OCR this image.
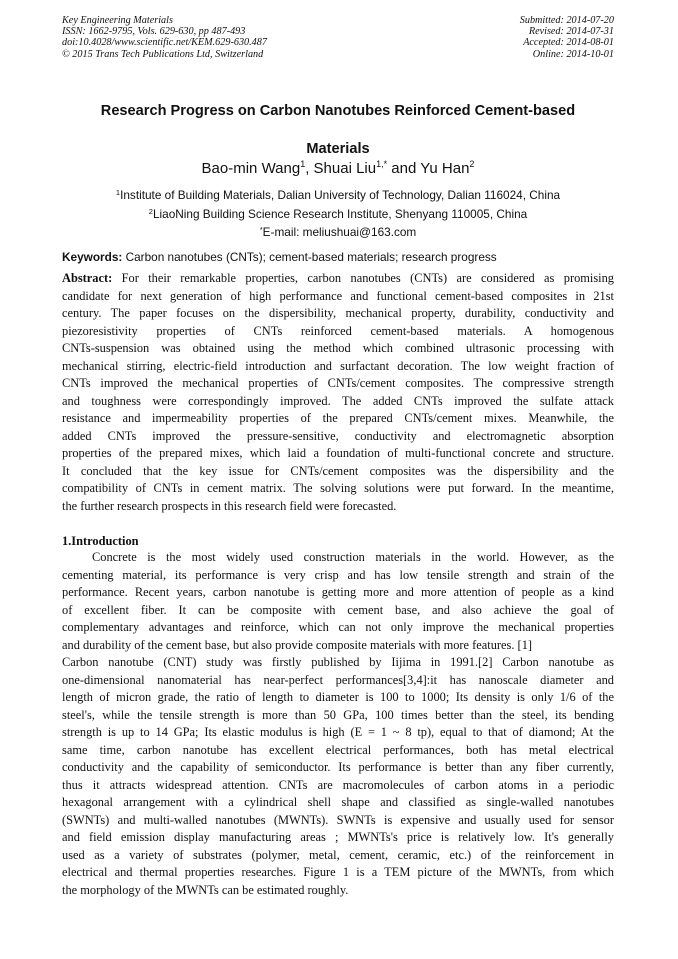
Key Engineering Materials
ISSN: 1662-9795, Vols. 629-630, pp 487-493
doi:10.4028/www.scientific.net/KEM.629-630.487
© 2015 Trans Tech Publications Ltd, Switzerland
Submitted: 2014-07-20
Revised: 2014-07-31
Accepted: 2014-08-01
Online: 2014-10-01
Research Progress on Carbon Nanotubes Reinforced Cement-based
Materials
Bao-min Wang$^1$, Shuai Liu$^{1,*}$ and Yu Han$^2$
$^1$Institute of Building Materials, Dalian University of Technology, Dalian 116024, China
$^2$LiaoNing Building Science Research Institute, Shenyang 110005, China
*E-mail: meliushuai@163.com
Keywords: Carbon nanotubes (CNTs); cement-based materials; research progress
Abstract: For their remarkable properties, carbon nanotubes (CNTs) are considered as promising
candidate for next generation of high performance and functional cement-based composites in 21st
century. The paper focuses on the dispersibility, mechanical property, durability, conductivity and
piezoresistivity properties of CNTs reinforced cement-based materials. A homogenous
CNTs-suspension was obtained using the method which combined ultrasonic processing with
mechanical stirring, electric-field introduction and surfactant decoration. The low weight fraction of
CNTs improved the mechanical properties of CNTs/cement composites. The compressive strength
and toughness were correspondingly improved. The added CNTs improved the sulfate attack
resistance and impermeability properties of the prepared CNTs/cement mixes. Meanwhile, the
added CNTs improved the pressure-sensitive, conductivity and electromagnetic absorption
properties of the prepared mixes, which laid a foundation of multi-functional concrete and structure.
It concluded that the key issue for CNTs/cement composites was the dispersibility and the
compatibility of CNTs in cement matrix. The solving solutions were put forward. In the meantime,
the further research prospects in this research field were forecasted.
1.Introduction
Concrete is the most widely used construction materials in the world. However, as the
cementing material, its performance is very crisp and has low tensile strength and strain of the
performance. Recent years, carbon nanotube is getting more and more attention of people as a kind
of excellent fiber. It can be composite with cement base, and also achieve the goal of
complementary advantages and reinforce, which can not only improve the mechanical properties
and durability of the cement base, but also provide composite materials with more features. [1]
Carbon nanotube (CNT) study was firstly published by Iijima in 1991.[2] Carbon nanotube as
one-dimensional nanomaterial has near-perfect performances[3,4]:it has nanoscale diameter and
length of micron grade, the ratio of length to diameter is 100 to 1000; Its density is only 1/6 of the
steel's, while the tensile strength is more than 50 GPa, 100 times better than the steel, its bending
strength is up to 14 GPa; Its elastic modulus is high (E = 1 ~ 8 tp), equal to that of diamond; At the
same time, carbon nanotube has excellent electrical performances, both has metal electrical
conductivity and the capability of semiconductor. Its performance is better than any fiber currently,
thus it attracts widespread attention. CNTs are macromolecules of carbon atoms in a periodic
hexagonal arrangement with a cylindrical shell shape and classified as single-walled nanotubes
(SWNTs) and multi-walled nanotubes (MWNTs). SWNTs is expensive and usually used for sensor
and field emission display manufacturing areas ; MWNTs's price is relatively low. It's generally
used as a variety of substrates (polymer, metal, cement, ceramic, etc.) of the reinforcement in
electrical and thermal properties researches. Figure 1 is a TEM picture of the MWNTs, from which
the morphology of the MWNTs can be estimated roughly.
